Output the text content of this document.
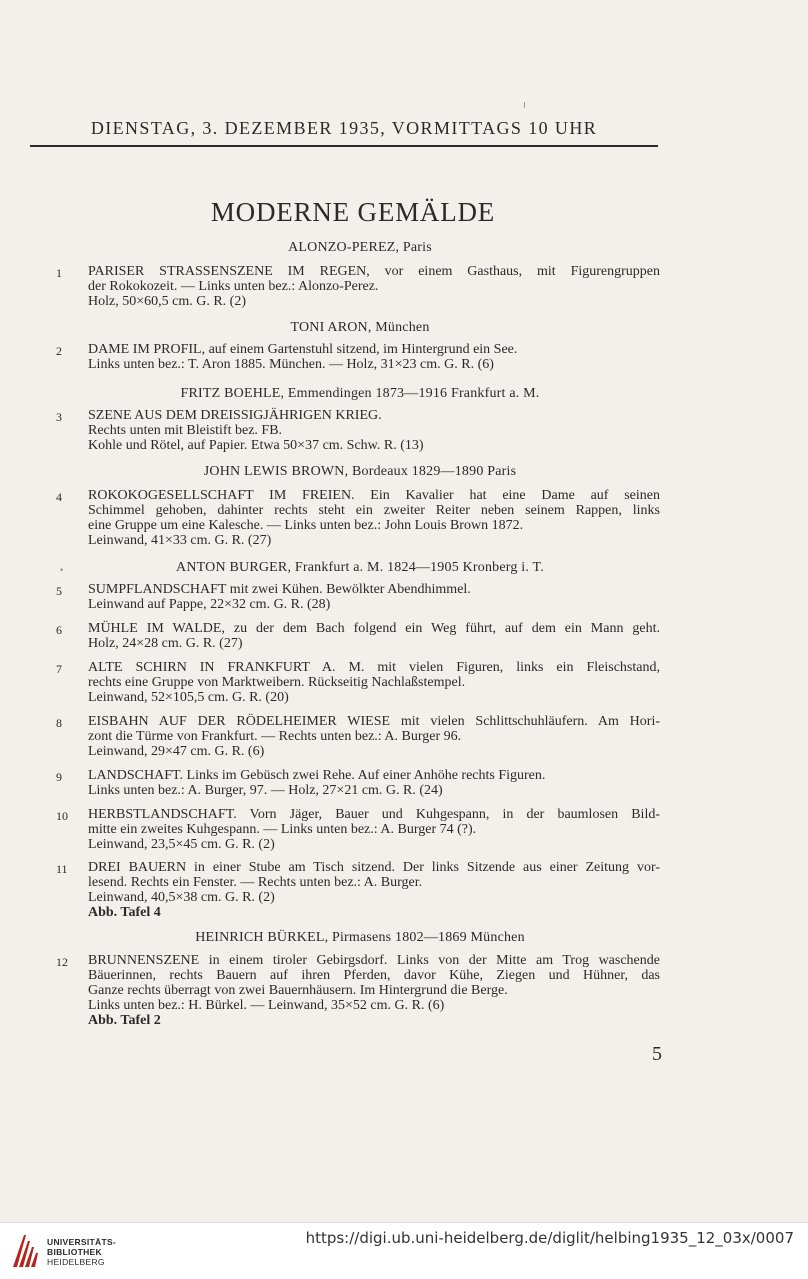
DIENSTAG, 3. DEZEMBER 1935, VORMITTAGS 10 UHR
MODERNE GEMÄLDE
ALONZO-PEREZ, Paris
1 PARISER STRASSENSZENE IM REGEN, vor einem Gasthaus, mit Figurengruppen
der Rokokozeit. — Links unten bez.: Alonzo-Perez.
Holz, 50×60,5 cm. G. R. (2)
TONI ARON, München
2 DAME IM PROFIL, auf einem Gartenstuhl sitzend, im Hintergrund ein See.
Links unten bez.: T. Aron 1885. München. — Holz, 31×23 cm. G. R. (6)
FRITZ BOEHLE, Emmendingen 1873—1916 Frankfurt a. M.
3 SZENE AUS DEM DREISSIGJÄHRIGEN KRIEG.
Rechts unten mit Bleistift bez. FB.
Kohle und Rötel, auf Papier. Etwa 50×37 cm. Schw. R. (13)
JOHN LEWIS BROWN, Bordeaux 1829—1890 Paris
4 ROKOKOGESELLSCHAFT IM FREIEN. Ein Kavalier hat eine Dame auf seinen
Schimmel gehoben, dahinter rechts steht ein zweiter Reiter neben seinem Rappen, links
eine Gruppe um eine Kalesche. — Links unten bez.: John Louis Brown 1872.
Leinwand, 41×33 cm. G. R. (27)
•	ANTON BURGER, Frankfurt a. M. 1824—1905 Kronberg i. T.
5 SUMPFLANDSCHAFT mit zwei Kühen. Bewölkter Abendhimmel.
Leinwand auf Pappe, 22×32 cm. G. R. (28)
6 MÜHLE IM WALDE, zu der dem Bach folgend ein Weg führt, auf dem ein Mann geht.
Holz, 24×28 cm. G. R. (27)
7 ALTE SCHIRN IN FRANKFURT A. M. mit vielen Figuren, links ein Fleischstand,
rechts eine Gruppe von Marktweibern. Rückseitig Nachlaßstempel.
Leinwand, 52×105,5 cm. G. R. (20)
8 EISBAHN AUF DER RÖDELHEIMER WIESE mit vielen Schlittschuhläufern. Am Hori-
zont die Türme von Frankfurt. — Rechts unten bez.: A. Burger 96.
Leinwand, 29×47 cm. G. R. (6)
9 LANDSCHAFT. Links im Gebüsch zwei Rehe. Auf einer Anhöhe rechts Figuren.
Links unten bez.: A. Burger, 97. — Holz, 27×21 cm. G. R. (24)
10 HERBSTLANDSCHAFT. Vorn Jäger, Bauer und Kuhgespann, in der baumlosen Bild-
mitte ein zweites Kuhgespann. — Links unten bez.: A. Burger 74 (?).
Leinwand, 23,5×45 cm. G. R. (2)
11 DREI BAUERN in einer Stube am Tisch sitzend. Der links Sitzende aus einer Zeitung vor-
lesend. Rechts ein Fenster. — Rechts unten bez.: A. Burger.
Leinwand, 40,5×38 cm. G. R. (2)
Abb. Tafel 4
HEINRICH BÜRKEL, Pirmasens 1802—1869 München
12 BRUNNENSZENE in einem tiroler Gebirgsdorf. Links von der Mitte am Trog waschende
Bäuerinnen, rechts Bauern auf ihren Pferden, davor Kühe, Ziegen und Hühner, das
Ganze rechts überragt von zwei Bauernhäusern. Im Hintergrund die Berge.
Links unten bez.: H. Bürkel. — Leinwand, 35×52 cm. G. R. (6)
Abb. Tafel 2
5
UNIVERSITÄTS-
BIBLIOTHEK
HEIDELBERG
https://digi.ub.uni-heidelberg.de/diglit/helbing1935_12_03x/0007
